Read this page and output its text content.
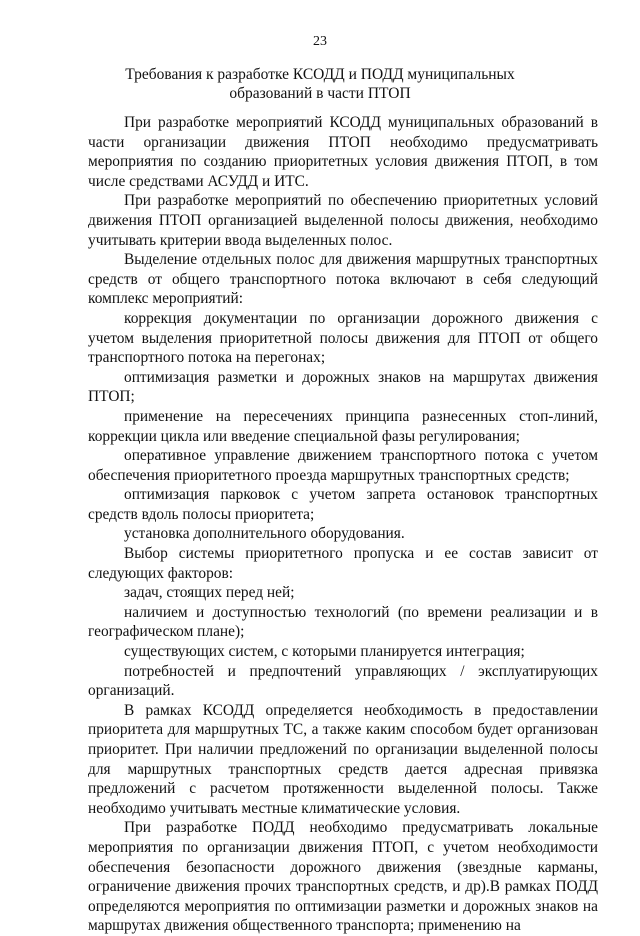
23
Требования к разработке КСОДД и ПОДД муниципальных образований в части ПТОП

При разработке мероприятий КСОДД муниципальных образований в части организации движения ПТОП необходимо предусматривать мероприятия по созданию приоритетных условия движения ПТОП, в том числе средствами АСУДД и ИТС.

При разработке мероприятий по обеспечению приоритетных условий движения ПТОП организацией выделенной полосы движения, необходимо учитывать критерии ввода выделенных полос.

Выделение отдельных полос для движения маршрутных транспортных средств от общего транспортного потока включают в себя следующий комплекс мероприятий:

коррекция документации по организации дорожного движения с учетом выделения приоритетной полосы движения для ПТОП от общего транспортного потока на перегонах;

оптимизация разметки и дорожных знаков на маршрутах движения ПТОП;

применение на пересечениях принципа разнесенных стоп-линий, коррекции цикла или введение специальной фазы регулирования;

оперативное управление движением транспортного потока с учетом обеспечения приоритетного проезда маршрутных транспортных средств;

оптимизация парковок с учетом запрета остановок транспортных средств вдоль полосы приоритета;

установка дополнительного оборудования.

Выбор системы приоритетного пропуска и ее состав зависит от следующих факторов:

задач, стоящих перед ней;

наличием и доступностью технологий (по времени реализации и в географическом плане);

существующих систем, с которыми планируется интеграция;

потребностей и предпочтений управляющих / эксплуатирующих организаций.

В рамках КСОДД определяется необходимость в предоставлении приоритета для маршрутных ТС, а также каким способом будет организован приоритет. При наличии предложений по организации выделенной полосы для маршрутных транспортных средств дается адресная привязка предложений с расчетом протяженности выделенной полосы. Также необходимо учитывать местные климатические условия.

При разработке ПОДД необходимо предусматривать локальные мероприятия по организации движения ПТОП, с учетом необходимости обеспечения безопасности дорожного движения (звездные карманы, ограничение движения прочих транспортных средств, и др).В рамках ПОДД определяются мероприятия по оптимизации разметки и дорожных знаков на маршрутах движения общественного транспорта; применению на
